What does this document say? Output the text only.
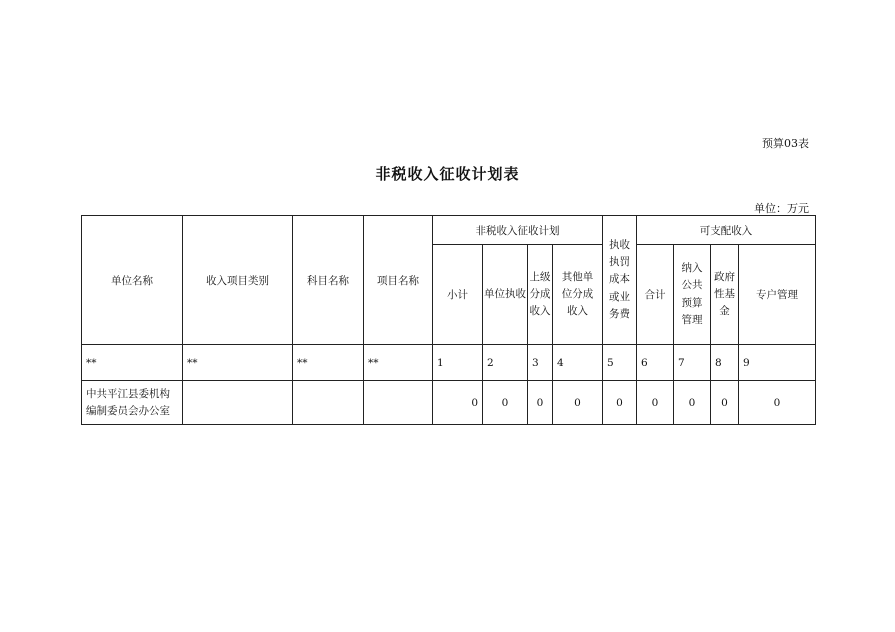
预算03表
非税收入征收计划表
单位：万元
单位名称	收入项目类别	科目名称	项目名称	非税收入征收计划				执收执罚成本或业务费	可支配收入			
				小计	单位执收	上级分成收入	其他单位分成收入		合计	纳入公共预算管理	政府性基金	专户管理
**	**	**	**	1	2	3	4	5	6	7	8	9
中共平江县委机构编制委员会办公室				0	0	0	0	0	0	0	0	0
